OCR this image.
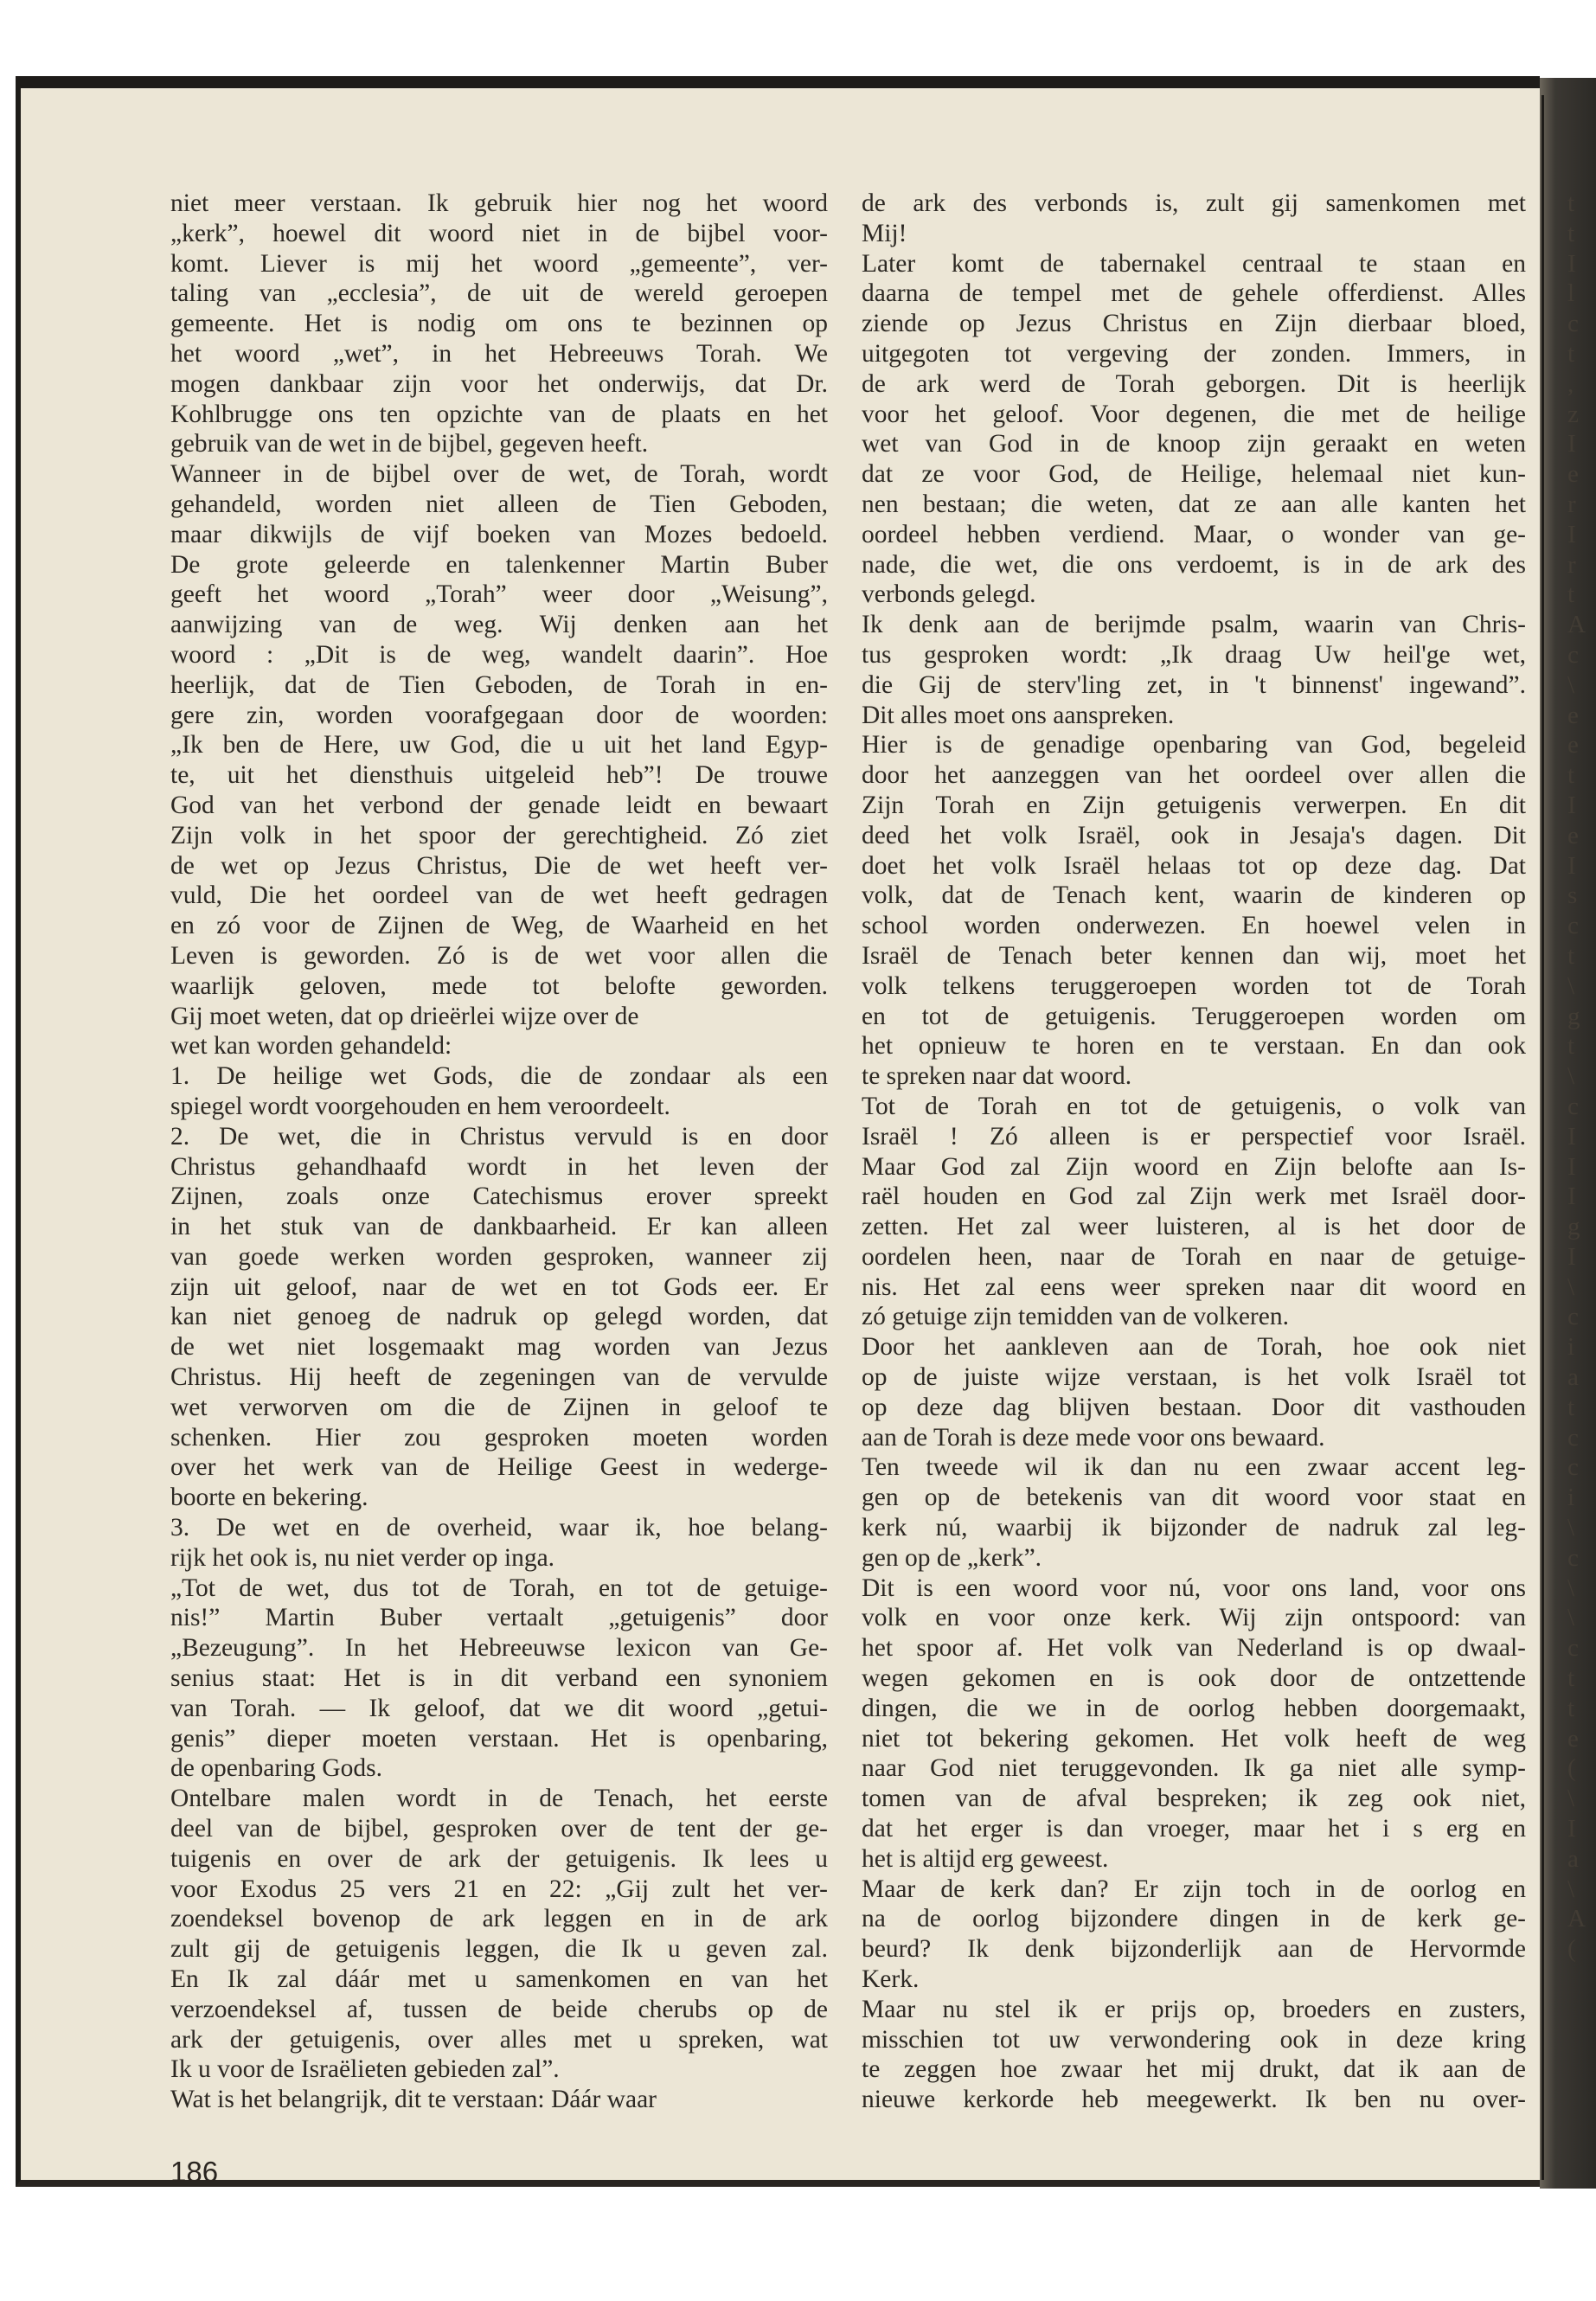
niet meer verstaan. Ik gebruik hier nog het woord
„kerk”, hoewel dit woord niet in de bijbel voor-
komt. Liever is mij het woord „gemeente”, ver-
taling van „ecclesia”, de uit de wereld geroepen
gemeente. Het is nodig om ons te bezinnen op
het woord „wet”, in het Hebreeuws Torah. We
mogen dankbaar zijn voor het onderwijs, dat Dr.
Kohlbrugge ons ten opzichte van de plaats en het
gebruik van de wet in de bijbel, gegeven heeft.
Wanneer in de bijbel over de wet, de Torah, wordt
gehandeld, worden niet alleen de Tien Geboden,
maar dikwijls de vijf boeken van Mozes bedoeld.
De grote geleerde en talenkenner Martin Buber
geeft het woord „Torah” weer door „Weisung”,
aanwijzing van de weg. Wij denken aan het
woord : „Dit is de weg, wandelt daarin”. Hoe
heerlijk, dat de Tien Geboden, de Torah in en-
gere zin, worden voorafgegaan door de woorden:
„Ik ben de Here, uw God, die u uit het land Egyp-
te, uit het diensthuis uitgeleid heb”! De trouwe
God van het verbond der genade leidt en bewaart
Zijn volk in het spoor der gerechtigheid. Zó ziet
de wet op Jezus Christus, Die de wet heeft ver-
vuld, Die het oordeel van de wet heeft gedragen
en zó voor de Zijnen de Weg, de Waarheid en het
Leven is geworden. Zó is de wet voor allen die
waarlijk geloven, mede tot belofte geworden.
Gij moet weten, dat op drieërlei wijze over de
wet kan worden gehandeld:
1. De heilige wet Gods, die de zondaar als een
spiegel wordt voorgehouden en hem veroordeelt.
2. De wet, die in Christus vervuld is en door
Christus gehandhaafd wordt in het leven der
Zijnen, zoals onze Catechismus erover spreekt
in het stuk van de dankbaarheid. Er kan alleen
van goede werken worden gesproken, wanneer zij
zijn uit geloof, naar de wet en tot Gods eer. Er
kan niet genoeg de nadruk op gelegd worden, dat
de wet niet losgemaakt mag worden van Jezus
Christus. Hij heeft de zegeningen van de vervulde
wet verworven om die de Zijnen in geloof te
schenken. Hier zou gesproken moeten worden
over het werk van de Heilige Geest in wederge-
boorte en bekering.
3. De wet en de overheid, waar ik, hoe belang-
rijk het ook is, nu niet verder op inga.
„Tot de wet, dus tot de Torah, en tot de getuige-
nis!” Martin Buber vertaalt „getuigenis” door
„Bezeugung”. In het Hebreeuwse lexicon van Ge-
senius staat: Het is in dit verband een synoniem
van Torah. — Ik geloof, dat we dit woord „getui-
genis” dieper moeten verstaan. Het is openbaring,
de openbaring Gods.
Ontelbare malen wordt in de Tenach, het eerste
deel van de bijbel, gesproken over de tent der ge-
tuigenis en over de ark der getuigenis. Ik lees u
voor Exodus 25 vers 21 en 22: „Gij zult het ver-
zoendeksel bovenop de ark leggen en in de ark
zult gij de getuigenis leggen, die Ik u geven zal.
En Ik zal dáár met u samenkomen en van het
verzoendeksel af, tussen de beide cherubs op de
ark der getuigenis, over alles met u spreken, wat
Ik u voor de Israëlieten gebieden zal”.
Wat is het belangrijk, dit te verstaan: Dáár waar
de ark des verbonds is, zult gij samenkomen met
Mij!
Later komt de tabernakel centraal te staan en
daarna de tempel met de gehele offerdienst. Alles
ziende op Jezus Christus en Zijn dierbaar bloed,
uitgegoten tot vergeving der zonden. Immers, in
de ark werd de Torah geborgen. Dit is heerlijk
voor het geloof. Voor degenen, die met de heilige
wet van God in de knoop zijn geraakt en weten
dat ze voor God, de Heilige, helemaal niet kun-
nen bestaan; die weten, dat ze aan alle kanten het
oordeel hebben verdiend. Maar, o wonder van ge-
nade, die wet, die ons verdoemt, is in de ark des
verbonds gelegd.
Ik denk aan de berijmde psalm, waarin van Chris-
tus gesproken wordt: „Ik draag Uw heil'ge wet,
die Gij de sterv'ling zet, in 't binnenst' ingewand”.
Dit alles moet ons aanspreken.
Hier is de genadige openbaring van God, begeleid
door het aanzeggen van het oordeel over allen die
Zijn Torah en Zijn getuigenis verwerpen. En dit
deed het volk Israël, ook in Jesaja's dagen. Dit
doet het volk Israël helaas tot op deze dag. Dat
volk, dat de Tenach kent, waarin de kinderen op
school worden onderwezen. En hoewel velen in
Israël de Tenach beter kennen dan wij, moet het
volk telkens teruggeroepen worden tot de Torah
en tot de getuigenis. Teruggeroepen worden om
het opnieuw te horen en te verstaan. En dan ook
te spreken naar dat woord.
Tot de Torah en tot de getuigenis, o volk van
Israël ! Zó alleen is er perspectief voor Israël.
Maar God zal Zijn woord en Zijn belofte aan Is-
raël houden en God zal Zijn werk met Israël door-
zetten. Het zal weer luisteren, al is het door de
oordelen heen, naar de Torah en naar de getuige-
nis. Het zal eens weer spreken naar dit woord en
zó getuige zijn temidden van de volkeren.
Door het aankleven aan de Torah, hoe ook niet
op de juiste wijze verstaan, is het volk Israël tot
op deze dag blijven bestaan. Door dit vasthouden
aan de Torah is deze mede voor ons bewaard.
Ten tweede wil ik dan nu een zwaar accent leg-
gen op de betekenis van dit woord voor staat en
kerk nú, waarbij ik bijzonder de nadruk zal leg-
gen op de „kerk”.
Dit is een woord voor nú, voor ons land, voor ons
volk en voor onze kerk. Wij zijn ontspoord: van
het spoor af. Het volk van Nederland is op dwaal-
wegen gekomen en is ook door de ontzettende
dingen, die we in de oorlog hebben doorgemaakt,
niet tot bekering gekomen. Het volk heeft de weg
naar God niet teruggevonden. Ik ga niet alle symp-
tomen van de afval bespreken; ik zeg ook niet,
dat het erger is dan vroeger, maar het i s erg en
het is altijd erg geweest.
Maar de kerk dan? Er zijn toch in de oorlog en
na de oorlog bijzondere dingen in de kerk ge-
beurd? Ik denk bijzonderlijk aan de Hervormde
Kerk.
Maar nu stel ik er prijs op, broeders en zusters,
misschien tot uw verwondering ook in deze kring
te zeggen hoe zwaar het mij drukt, dat ik aan de
nieuwe kerkorde heb meegewerkt. Ik ben nu over-
186
t
t
I
l
c
t
,
z
I
e
r
I
r
t
A
c
\
e
e
t
I
e
I
s
c
t
\
g
t
\
c
I
I
I
g
I
\
c
i
a
t
c
c
i
\
c
\
\
c
t
t
e
(
\
I
a
\
A
(
